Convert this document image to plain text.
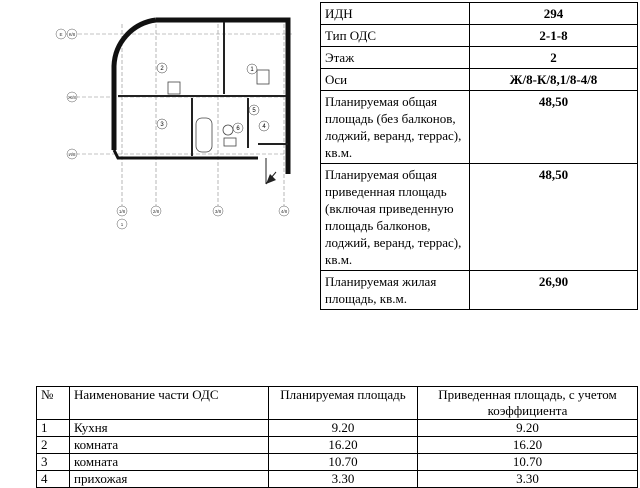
1
2
3	4
5
6
Е К/8
Ж/8
И/8
1/8	2/8	3/8	4/8
1
ИДН	294
Тип ОДС	2-1-8
Этаж	2
Оси	Ж/8-К/8,1/8-4/8
Планируемая общая площадь (без балконов, лоджий, веранд, террас), кв.м.	48,50
Планируемая общая приведенная площадь (включая приведенную площадь балконов, лоджий, веранд, террас), кв.м.	48,50
Планируемая жилая площадь, кв.м.	26,90
№	Наименование части ОДС	Планируемая площадь	Приведенная площадь, с учетом коэффициента
1	Кухня	9.20	9.20
2	комната	16.20	16.20
3	комната	10.70	10.70
4	прихожая	3.30	3.30
